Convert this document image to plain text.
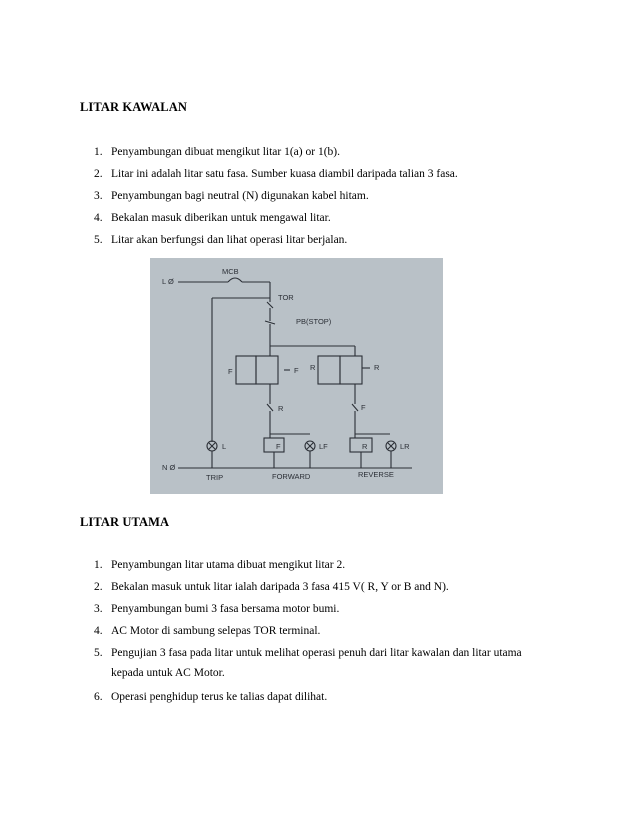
LITAR KAWALAN
1. Penyambungan dibuat mengikut litar 1(a) or 1(b).
2. Litar ini adalah litar satu fasa. Sumber kuasa diambil daripada talian 3 fasa.
3. Penyambungan bagi neutral (N) digunakan kabel hitam.
4. Bekalan masuk diberikan untuk mengawal litar.
5. Litar akan berfungsi dan lihat operasi litar berjalan.
L Ø
MCB
TOR
PB(STOP)
F	F R	R
R	F
L	F	LF	R	LR
N Ø
TRIP	FORWARD	REVERSE
LITAR UTAMA
1. Penyambungan litar utama dibuat mengikut litar 2.
2. Bekalan masuk untuk litar ialah daripada 3 fasa 415 V( R, Y or B and N).
3. Penyambungan bumi 3 fasa bersama motor bumi.
4. AC Motor di sambung selepas TOR terminal.
5. Pengujian 3 fasa pada litar untuk melihat operasi penuh dari litar kawalan dan litar utama
kepada untuk AC Motor.
6. Operasi penghidup terus ke talias dapat dilihat.
